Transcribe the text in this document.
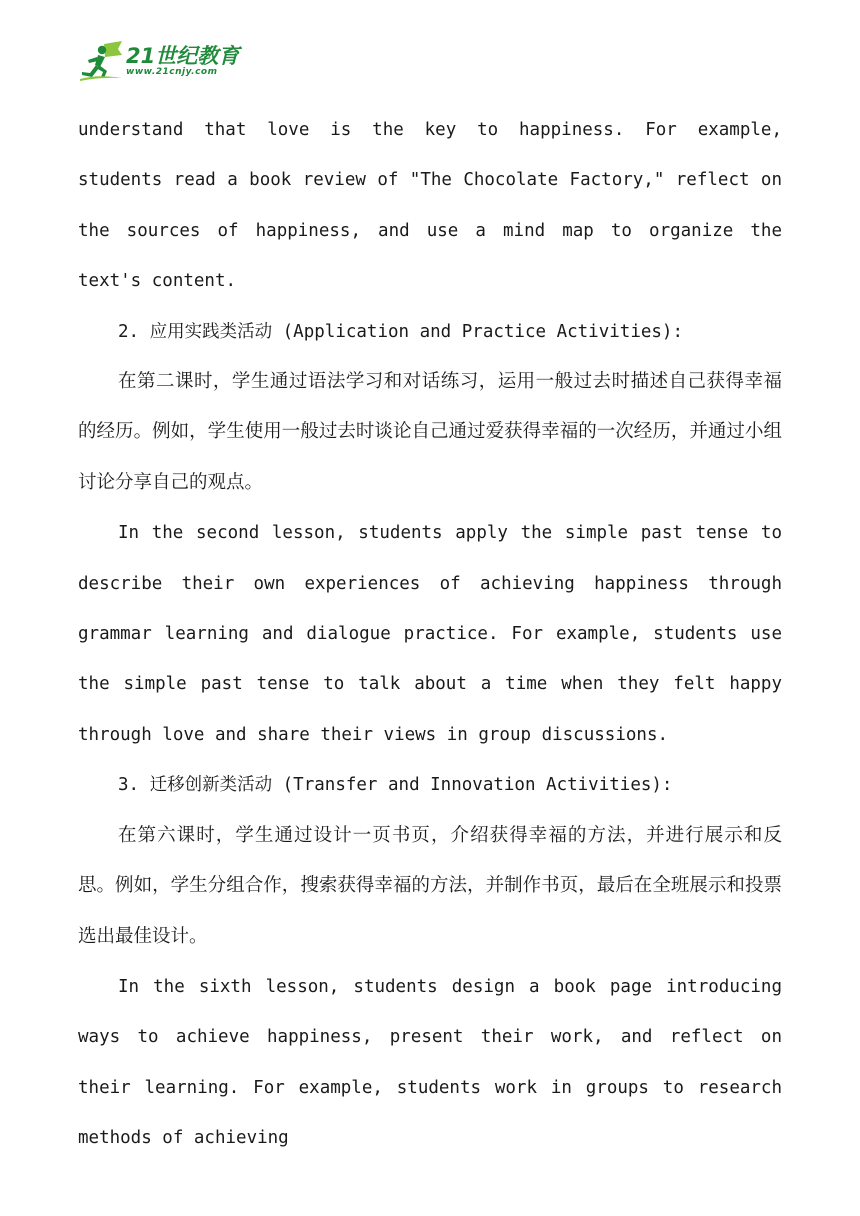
21世纪教育
www.21cnjy.com

understand that love is the key to happiness. For example, students read a book review of "The Chocolate Factory," reflect on the sources of happiness, and use a mind map to organize the text's content.

2. 应用实践类活动 (Application and Practice Activities):

在第二课时，学生通过语法学习和对话练习，运用一般过去时描述自己获得幸福的经历。例如，学生使用一般过去时谈论自己通过爱获得幸福的一次经历，并通过小组讨论分享自己的观点。

In the second lesson, students apply the simple past tense to describe their own experiences of achieving happiness through grammar learning and dialogue practice. For example, students use the simple past tense to talk about a time when they felt happy through love and share their views in group discussions.

3. 迁移创新类活动 (Transfer and Innovation Activities):

在第六课时，学生通过设计一页书页，介绍获得幸福的方法，并进行展示和反思。例如，学生分组合作，搜索获得幸福的方法，并制作书页，最后在全班展示和投票选出最佳设计。

In the sixth lesson, students design a book page introducing ways to achieve happiness, present their work, and reflect on their learning. For example, students work in groups to research methods of achieving
